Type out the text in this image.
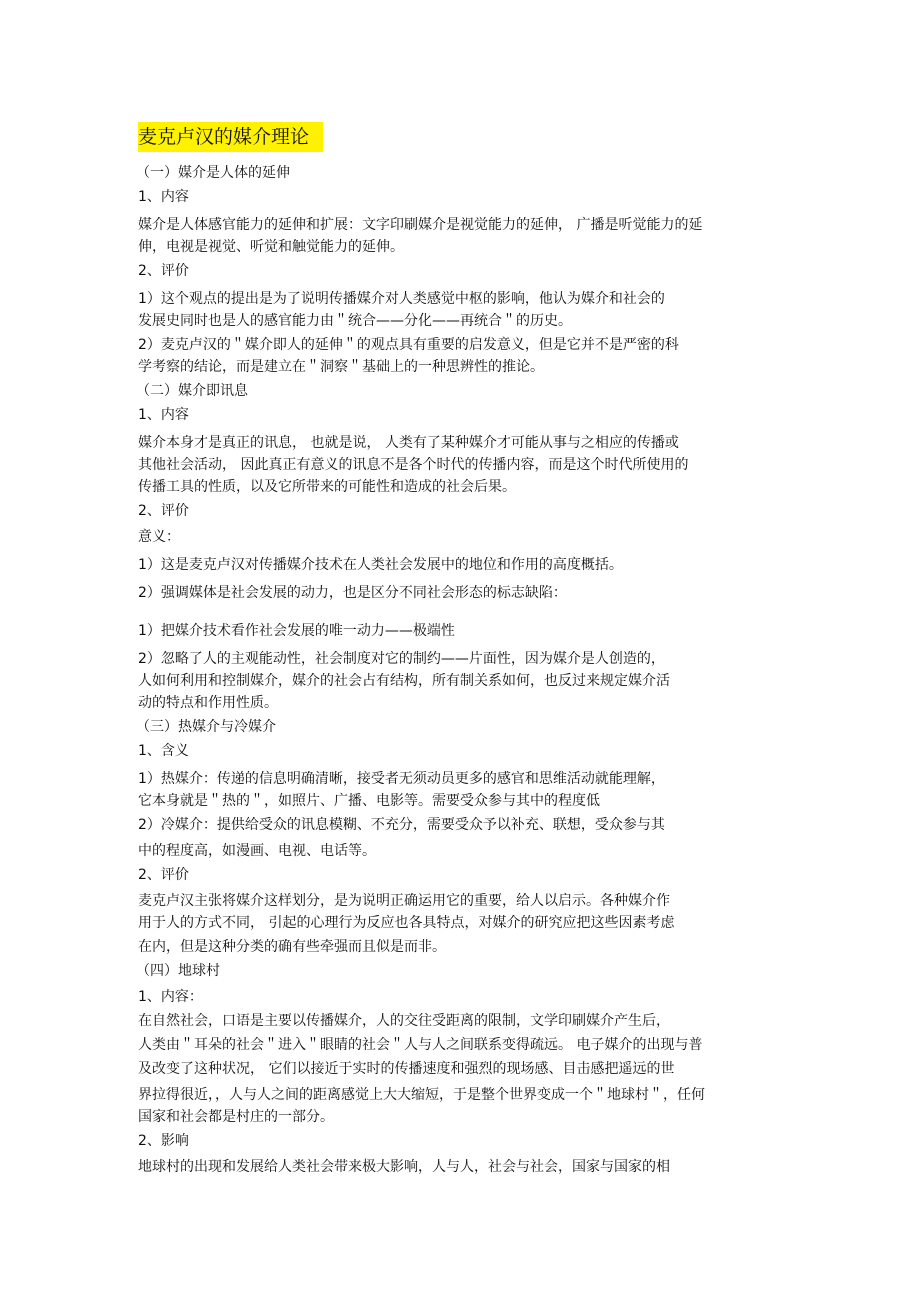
麦克卢汉的媒介理论
（一）媒介是人体的延伸
1、内容
媒介是人体感官能力的延伸和扩展：文字印刷媒介是视觉能力的延伸， 广播是听觉能力的延
伸，电视是视觉、听觉和触觉能力的延伸。
2、评价
1）这个观点的提出是为了说明传播媒介对人类感觉中枢的影响，他认为媒介和社会的
发展史同时也是人的感官能力由＂统合——分化——再统合＂的历史。
2）麦克卢汉的＂媒介即人的延伸＂的观点具有重要的启发意义，但是它并不是严密的科
学考察的结论，而是建立在＂洞察＂基础上的一种思辨性的推论。
（二）媒介即讯息
1、内容
媒介本身才是真正的讯息， 也就是说， 人类有了某种媒介才可能从事与之相应的传播或
其他社会活动， 因此真正有意义的讯息不是各个时代的传播内容，而是这个时代所使用的
传播工具的性质，以及它所带来的可能性和造成的社会后果。
2、评价
意义：
1）这是麦克卢汉对传播媒介技术在人类社会发展中的地位和作用的高度概括。
2）强调媒体是社会发展的动力，也是区分不同社会形态的标志缺陷：
1）把媒介技术看作社会发展的唯一动力——极端性
2）忽略了人的主观能动性，社会制度对它的制约——片面性，因为媒介是人创造的，
人如何利用和控制媒介，媒介的社会占有结构，所有制关系如何，也反过来规定媒介活
动的特点和作用性质。
（三）热媒介与冷媒介
1、含义
1）热媒介：传递的信息明确清晰，接受者无须动员更多的感官和思维活动就能理解，
它本身就是＂热的＂，如照片、广播、电影等。需要受众参与其中的程度低
2）冷媒介：提供给受众的讯息模糊、不充分，需要受众予以补充、联想，受众参与其
中的程度高，如漫画、电视、电话等。
2、评价
麦克卢汉主张将媒介这样划分，是为说明正确运用它的重要，给人以启示。各种媒介作
用于人的方式不同， 引起的心理行为反应也各具特点，对媒介的研究应把这些因素考虑
在内，但是这种分类的确有些牵强而且似是而非。
（四）地球村
1、内容：
在自然社会，口语是主要以传播媒介，人的交往受距离的限制，文学印刷媒介产生后，
人类由＂耳朵的社会＂进入＂眼睛的社会＂人与人之间联系变得疏远。 电子媒介的出现与普
及改变了这种状况， 它们以接近于实时的传播速度和强烈的现场感、目击感把遥远的世
界拉得很近，，人与人之间的距离感觉上大大缩短，于是整个世界变成一个＂地球村＂，任何
国家和社会都是村庄的一部分。
2、影响
地球村的出现和发展给人类社会带来极大影响，人与人，社会与社会，国家与国家的相
